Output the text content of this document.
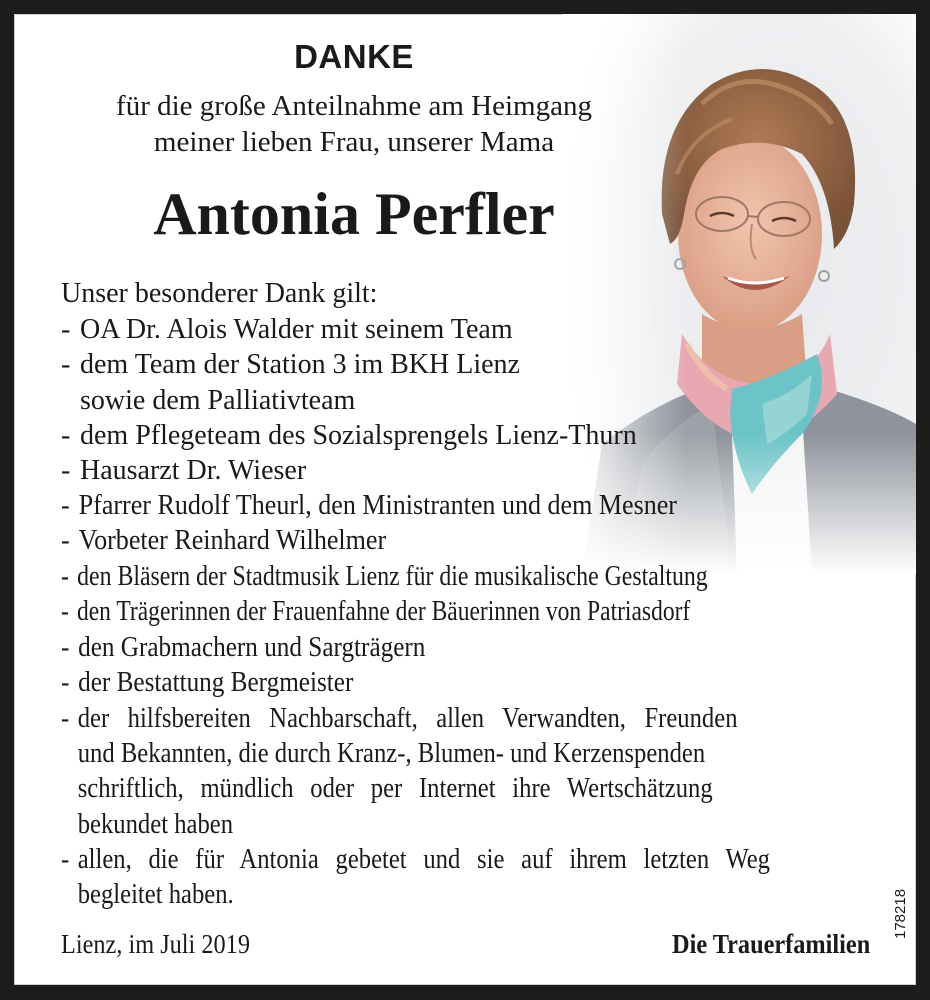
DANKE
für die große Anteilnahme am Heimgang
meiner lieben Frau, unserer Mama
Antonia Perfler
Unser besonderer Dank gilt:
- OA Dr. Alois Walder mit seinem Team
- dem Team der Station 3 im BKH Lienz
sowie dem Palliativteam
- dem Pflegeteam des Sozialsprengels Lienz-Thurn
- Hausarzt Dr. Wieser
- Pfarrer Rudolf Theurl, den Ministranten und dem Mesner
- Vorbeter Reinhard Wilhelmer
- den Bläsern der Stadtmusik Lienz für die musikalische Gestaltung
- den Trägerinnen der Frauenfahne der Bäuerinnen von Patriasdorf
- den Grabmachern und Sargträgern
- der Bestattung Bergmeister
- der hilfsbereiten Nachbarschaft, allen Verwandten, Freunden
und Bekannten, die durch Kranz-, Blumen- und Kerzenspenden
schriftlich, mündlich oder per Internet ihre Wertschätzung
bekundet haben
- allen, die für Antonia gebetet und sie auf ihrem letzten Weg
begleitet haben.
Lienz, im Juli 2019	Die Trauerfamilien
178218
